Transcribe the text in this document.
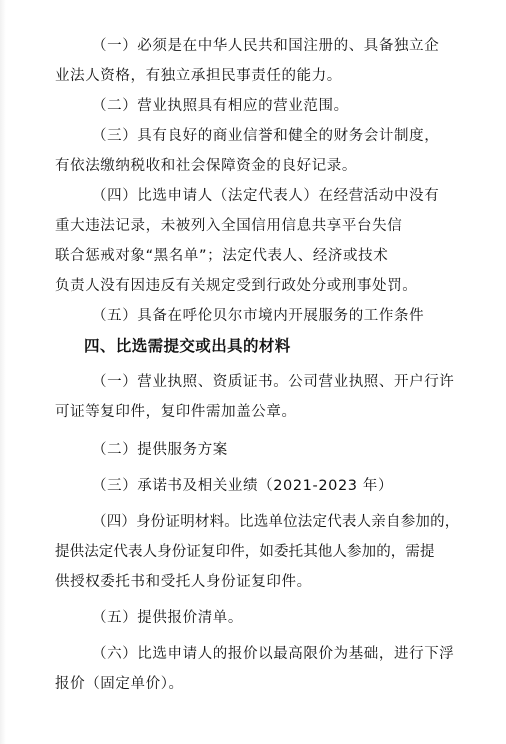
（一）必须是在中华人民共和国注册的、具备独立企
业法人资格，有独立承担民事责任的能力。
（二）营业执照具有相应的营业范围。
（三）具有良好的商业信誉和健全的财务会计制度，
有依法缴纳税收和社会保障资金的良好记录。
（四）比选申请人（法定代表人）在经营活动中没有
重大违法记录，未被列入全国信用信息共享平台失信
联合惩戒对象“黑名单”；法定代表人、经济或技术
负责人没有因违反有关规定受到行政处分或刑事处罚。
（五）具备在呼伦贝尔市境内开展服务的工作条件
四、比选需提交或出具的材料
（一）营业执照、资质证书。公司营业执照、开户行许
可证等复印件，复印件需加盖公章。
（二）提供服务方案
（三）承诺书及相关业绩（2021-2023 年）
（四）身份证明材料。比选单位法定代表人亲自参加的，
提供法定代表人身份证复印件，如委托其他人参加的，需提
供授权委托书和受托人身份证复印件。
（五）提供报价清单。
（六）比选申请人的报价以最高限价为基础，进行下浮
报价（固定单价）。
